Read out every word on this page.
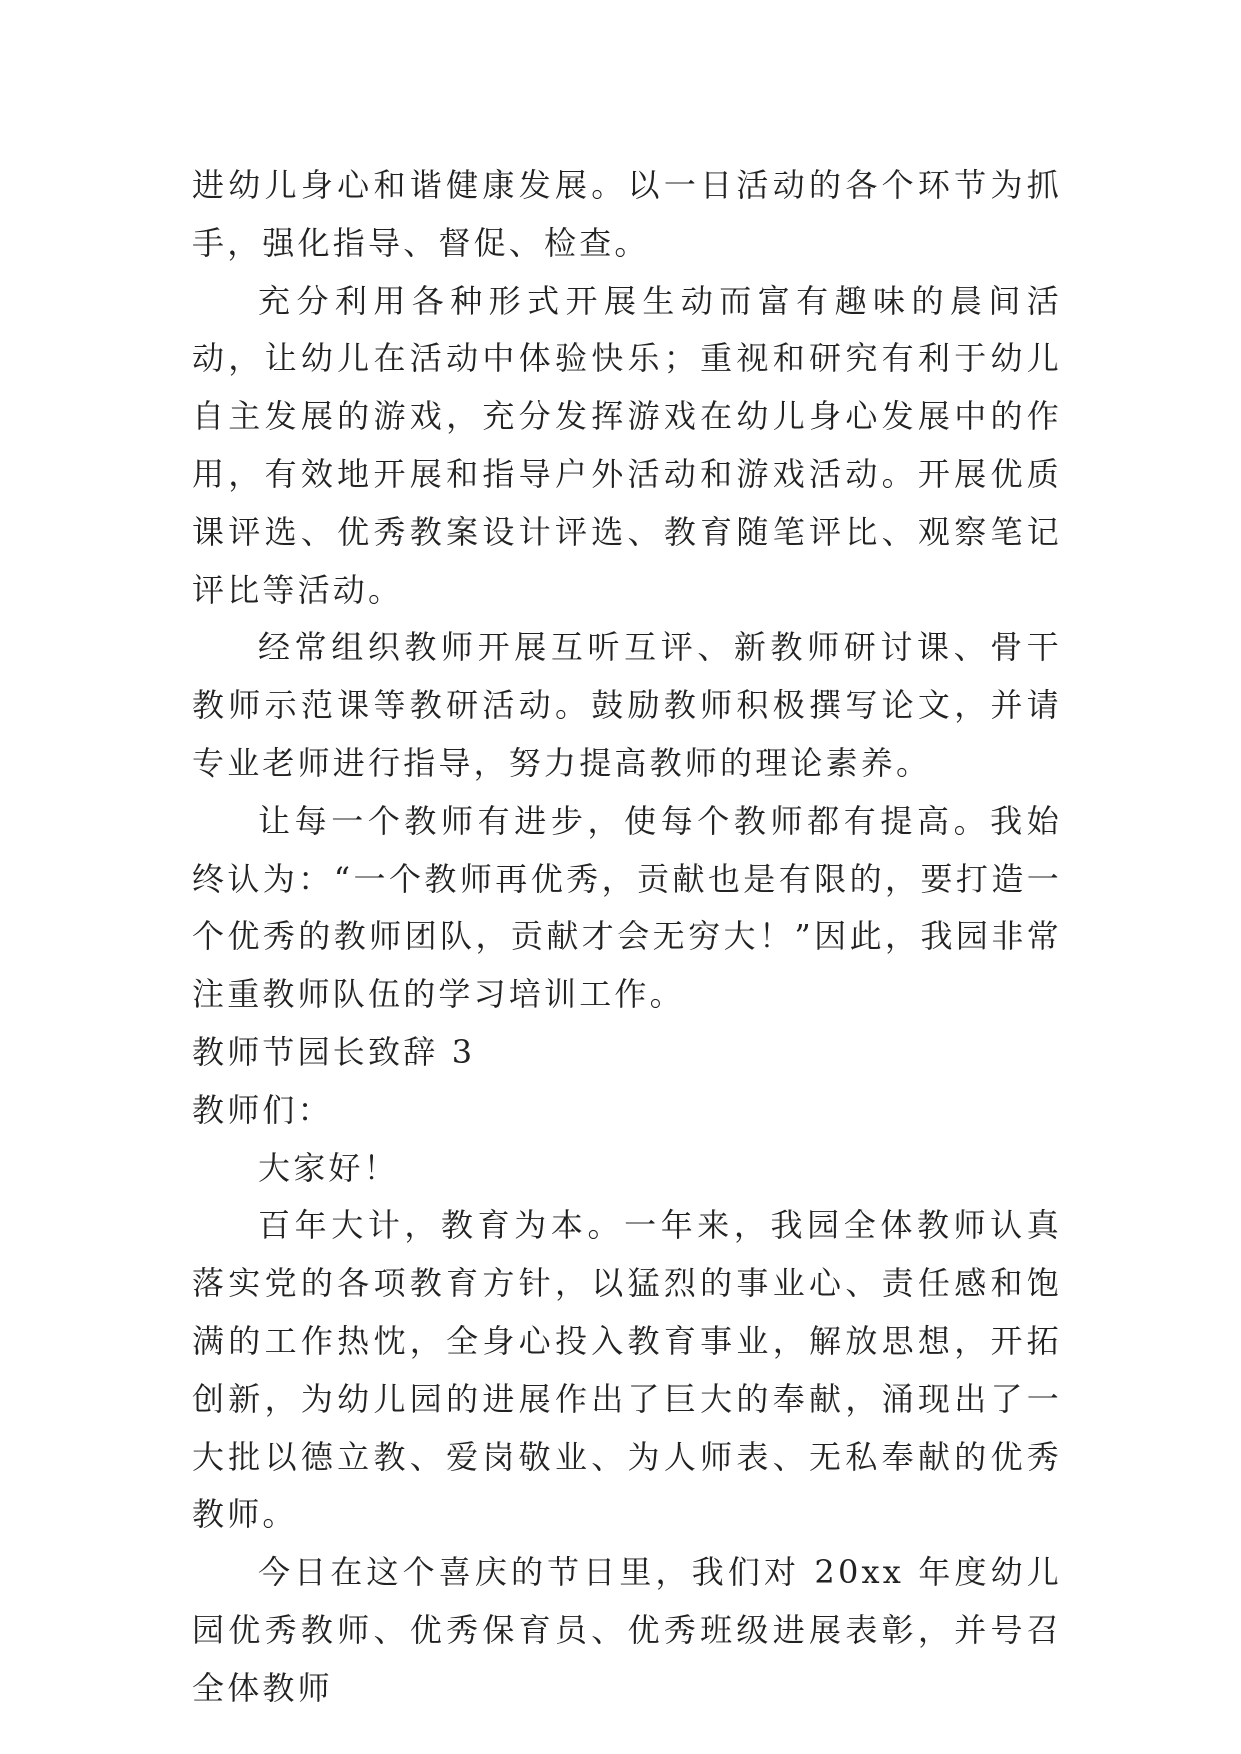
进幼儿身心和谐健康发展。以一日活动的各个环节为抓手，强化指导、督促、检查。

充分利用各种形式开展生动而富有趣味的晨间活动，让幼儿在活动中体验快乐；重视和研究有利于幼儿自主发展的游戏，充分发挥游戏在幼儿身心发展中的作用，有效地开展和指导户外活动和游戏活动。开展优质课评选、优秀教案设计评选、教育随笔评比、观察笔记评比等活动。

经常组织教师开展互听互评、新教师研讨课、骨干教师示范课等教研活动。鼓励教师积极撰写论文，并请专业老师进行指导，努力提高教师的理论素养。

让每一个教师有进步，使每个教师都有提高。我始终认为：“一个教师再优秀，贡献也是有限的，要打造一个优秀的教师团队，贡献才会无穷大！”因此，我园非常注重教师队伍的学习培训工作。

教师节园长致辞 3

教师们：

大家好！

百年大计，教育为本。一年来，我园全体教师认真落实党的各项教育方针，以猛烈的事业心、责任感和饱满的工作热忱，全身心投入教育事业，解放思想，开拓创新，为幼儿园的进展作出了巨大的奉献，涌现出了一大批以德立教、爱岗敬业、为人师表、无私奉献的优秀教师。

今日在这个喜庆的节日里，我们对 20xx 年度幼儿园优秀教师、优秀保育员、优秀班级进展表彰，并号召全体教师
